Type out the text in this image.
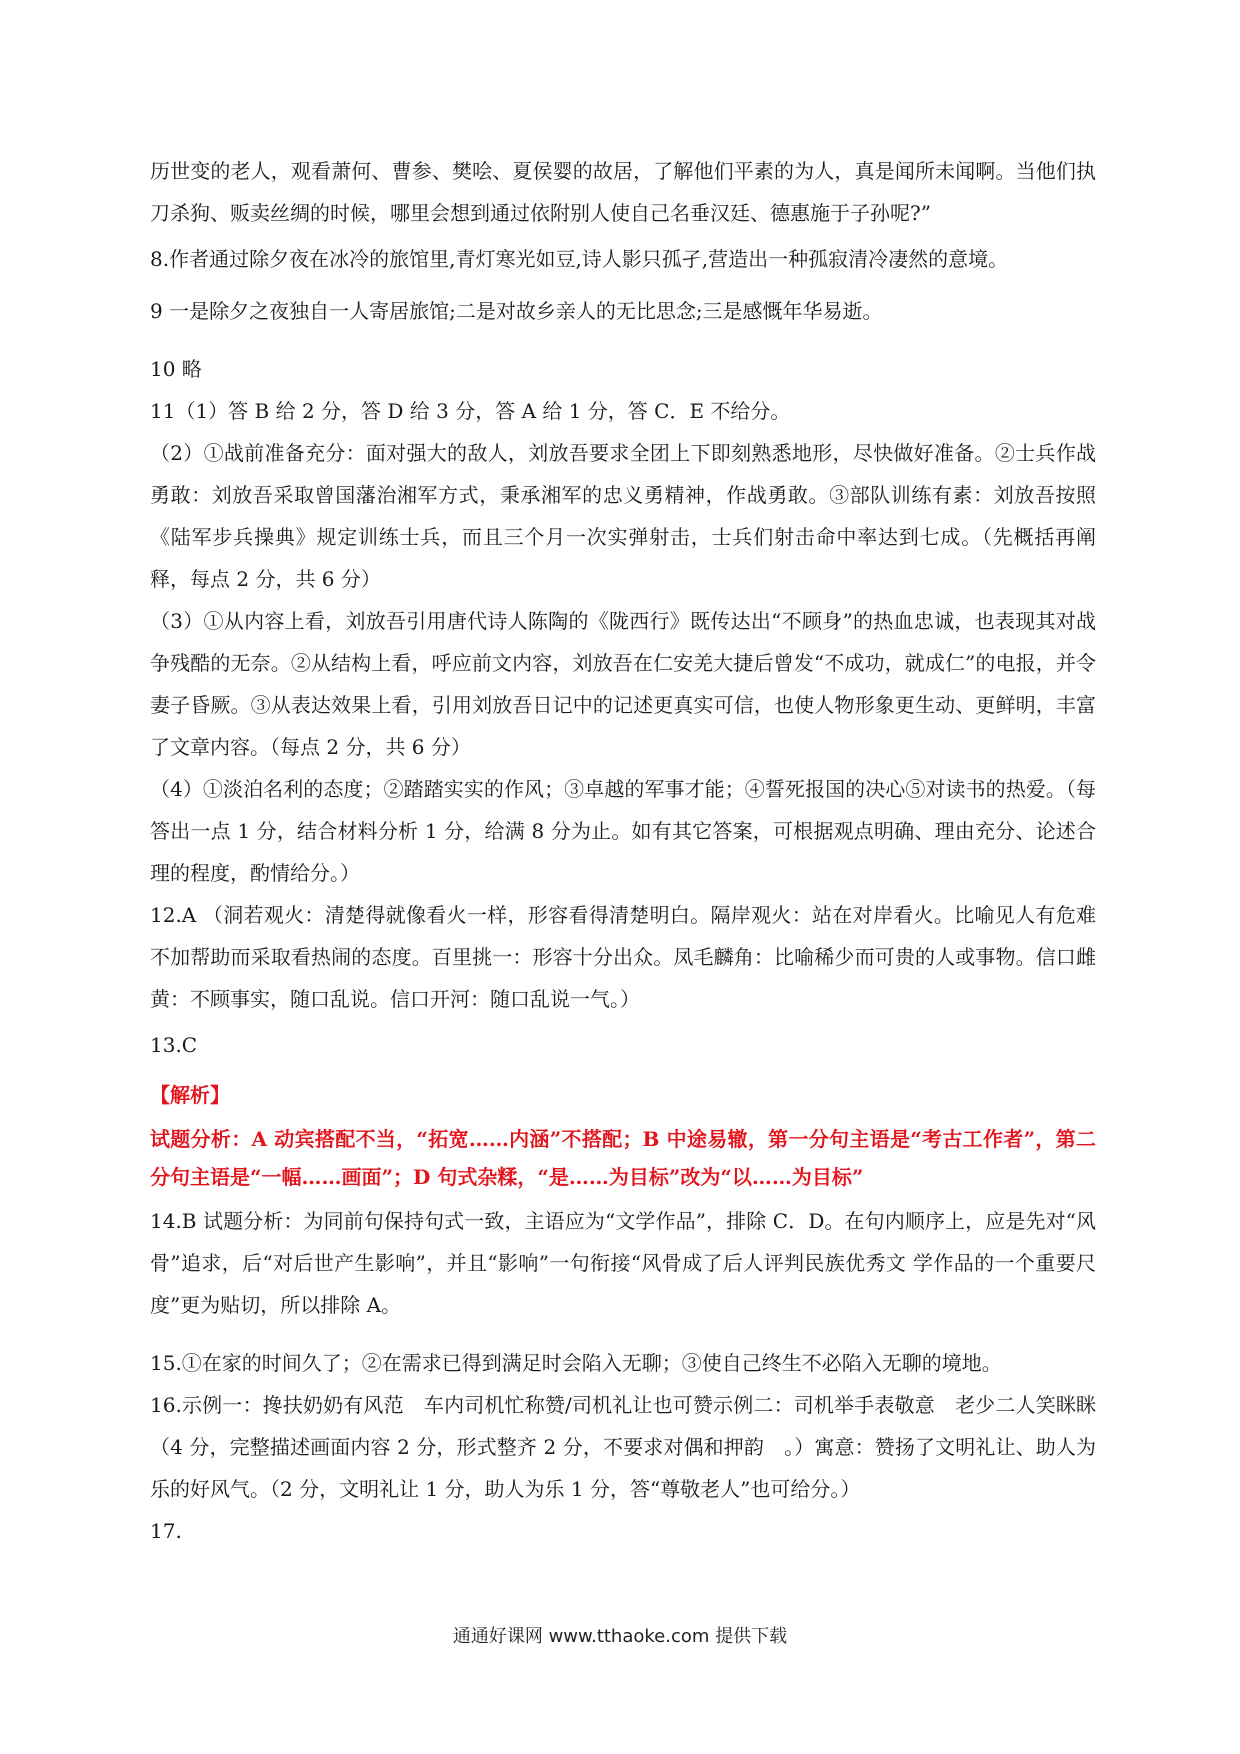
历世变的老人，观看萧何、曹参、樊哙、夏侯婴的故居，了解他们平素的为人，真是闻所未闻啊。当他们执刀杀狗、贩卖丝绸的时候，哪里会想到通过依附别人使自己名垂汉廷、德惠施于子孙呢?”

8.作者通过除夕夜在冰冷的旅馆里,青灯寒光如豆,诗人影只孤孑,营造出一种孤寂清冷凄然的意境。

9 一是除夕之夜独自一人寄居旅馆;二是对故乡亲人的无比思念;三是感慨年华易逝。

10 略

11（1）答 B 给 2 分，答 D 给 3 分，答 A 给 1 分，答 C．E 不给分。

（2）①战前准备充分：面对强大的敌人，刘放吾要求全团上下即刻熟悉地形，尽快做好准备。②士兵作战勇敢：刘放吾采取曾国藩治湘军方式，秉承湘军的忠义勇精神，作战勇敢。③部队训练有素：刘放吾按照《陆军步兵操典》规定训练士兵，而且三个月一次实弹射击，士兵们射击命中率达到七成。（先概括再阐释，每点 2 分，共 6 分）

（3）①从内容上看，刘放吾引用唐代诗人陈陶的《陇西行》既传达出“不顾身”的热血忠诚，也表现其对战争残酷的无奈。②从结构上看，呼应前文内容，刘放吾在仁安羌大捷后曾发“不成功，就成仁”的电报，并令妻子昏厥。③从表达效果上看，引用刘放吾日记中的记述更真实可信，也使人物形象更生动、更鲜明，丰富了文章内容。（每点 2 分，共 6 分）

（4）①淡泊名利的态度；②踏踏实实的作风；③卓越的军事才能；④誓死报国的决心⑤对读书的热爱。（每答出一点 1 分，结合材料分析 1 分，给满 8 分为止。如有其它答案，可根据观点明确、理由充分、论述合理的程度，酌情给分。）

12.A （洞若观火：清楚得就像看火一样，形容看得清楚明白。隔岸观火：站在对岸看火。比喻见人有危难不加帮助而采取看热闹的态度。百里挑一：形容十分出众。凤毛麟角：比喻稀少而可贵的人或事物。信口雌黄：不顾事实，随口乱说。信口开河：随口乱说一气。）

13.C

【解析】

试题分析：A 动宾搭配不当，“拓宽……内涵”不搭配；B 中途易辙，第一分句主语是“考古工作者”，第二分句主语是“一幅……画面”；D 句式杂糅，“是……为目标”改为“以……为目标”

14.B 试题分析：为同前句保持句式一致，主语应为“文学作品”，排除 C．D。在句内顺序上，应是先对“风骨”追求，后“对后世产生影响”，并且“影响”一句衔接“风骨成了后人评判民族优秀文 学作品的一个重要尺度”更为贴切，所以排除 A。

15.①在家的时间久了；②在需求已得到满足时会陷入无聊；③使自己终生不必陷入无聊的境地。

16.示例一：搀扶奶奶有风范　车内司机忙称赞/司机礼让也可赞示例二：司机举手表敬意　老少二人笑眯眯（4 分，完整描述画面内容 2 分，形式整齐 2 分，不要求对偶和押韵　。）寓意：赞扬了文明礼让、助人为乐的好风气。（2 分，文明礼让 1 分，助人为乐 1 分，答“尊敬老人”也可给分。）

17.

通通好课网 www.tthaoke.com 提供下载
